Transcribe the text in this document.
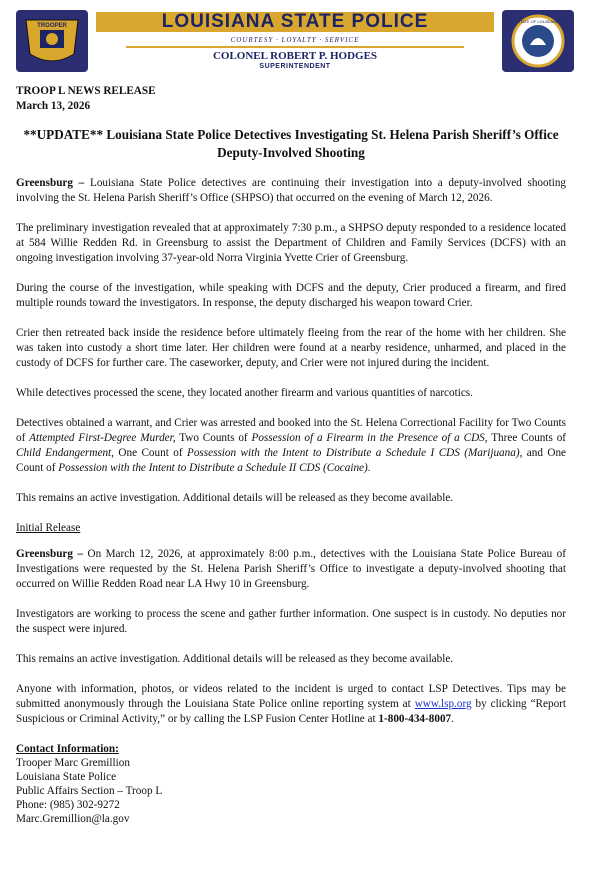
TROOPER	LOUISIANA STATE POLICE
COURTESY · LOYALTY · SERVICE
COLONEL ROBERT P. HODGES
SUPERINTENDENT
STATE OF LOUISIANA
TROOP L NEWS RELEASE
March 13, 2026
**UPDATE** Louisiana State Police Detectives Investigating St. Helena Parish Sheriff’s Office Deputy-Involved Shooting

Greensburg – Louisiana State Police detectives are continuing their investigation into a deputy-involved shooting involving the St. Helena Parish Sheriff’s Office (SHPSO) that occurred on the evening of March 12, 2026.

The preliminary investigation revealed that at approximately 7:30 p.m., a SHPSO deputy responded to a residence located at 584 Willie Redden Rd. in Greensburg to assist the Department of Children and Family Services (DCFS) with an ongoing investigation involving 37-year-old Norra Virginia Yvette Crier of Greensburg.

During the course of the investigation, while speaking with DCFS and the deputy, Crier produced a firearm, and fired multiple rounds toward the investigators. In response, the deputy discharged his weapon toward Crier.

Crier then retreated back inside the residence before ultimately fleeing from the rear of the home with her children. She was taken into custody a short time later. Her children were found at a nearby residence, unharmed, and placed in the custody of DCFS for further care. The caseworker, deputy, and Crier were not injured during the incident.

While detectives processed the scene, they located another firearm and various quantities of narcotics.

Detectives obtained a warrant, and Crier was arrested and booked into the St. Helena Correctional Facility for Two Counts of Attempted First-Degree Murder, Two Counts of Possession of a Firearm in the Presence of a CDS, Three Counts of Child Endangerment, One Count of Possession with the Intent to Distribute a Schedule I CDS (Marijuana), and One Count of Possession with the Intent to Distribute a Schedule II CDS (Cocaine).

This remains an active investigation. Additional details will be released as they become available.

Initial Release

Greensburg – On March 12, 2026, at approximately 8:00 p.m., detectives with the Louisiana State Police Bureau of Investigations were requested by the St. Helena Parish Sheriff’s Office to investigate a deputy-involved shooting that occurred on Willie Redden Road near LA Hwy 10 in Greensburg.

Investigators are working to process the scene and gather further information. One suspect is in custody. No deputies nor the suspect were injured.

This remains an active investigation. Additional details will be released as they become available.

Anyone with information, photos, or videos related to the incident is urged to contact LSP Detectives. Tips may be submitted anonymously through the Louisiana State Police online reporting system at www.lsp.org by clicking “Report Suspicious or Criminal Activity,” or by calling the LSP Fusion Center Hotline at 1-800-434-8007.

Contact Information:
Trooper Marc Gremillion
Louisiana State Police
Public Affairs Section – Troop L
Phone: (985) 302-9272
Marc.Gremillion@la.gov
